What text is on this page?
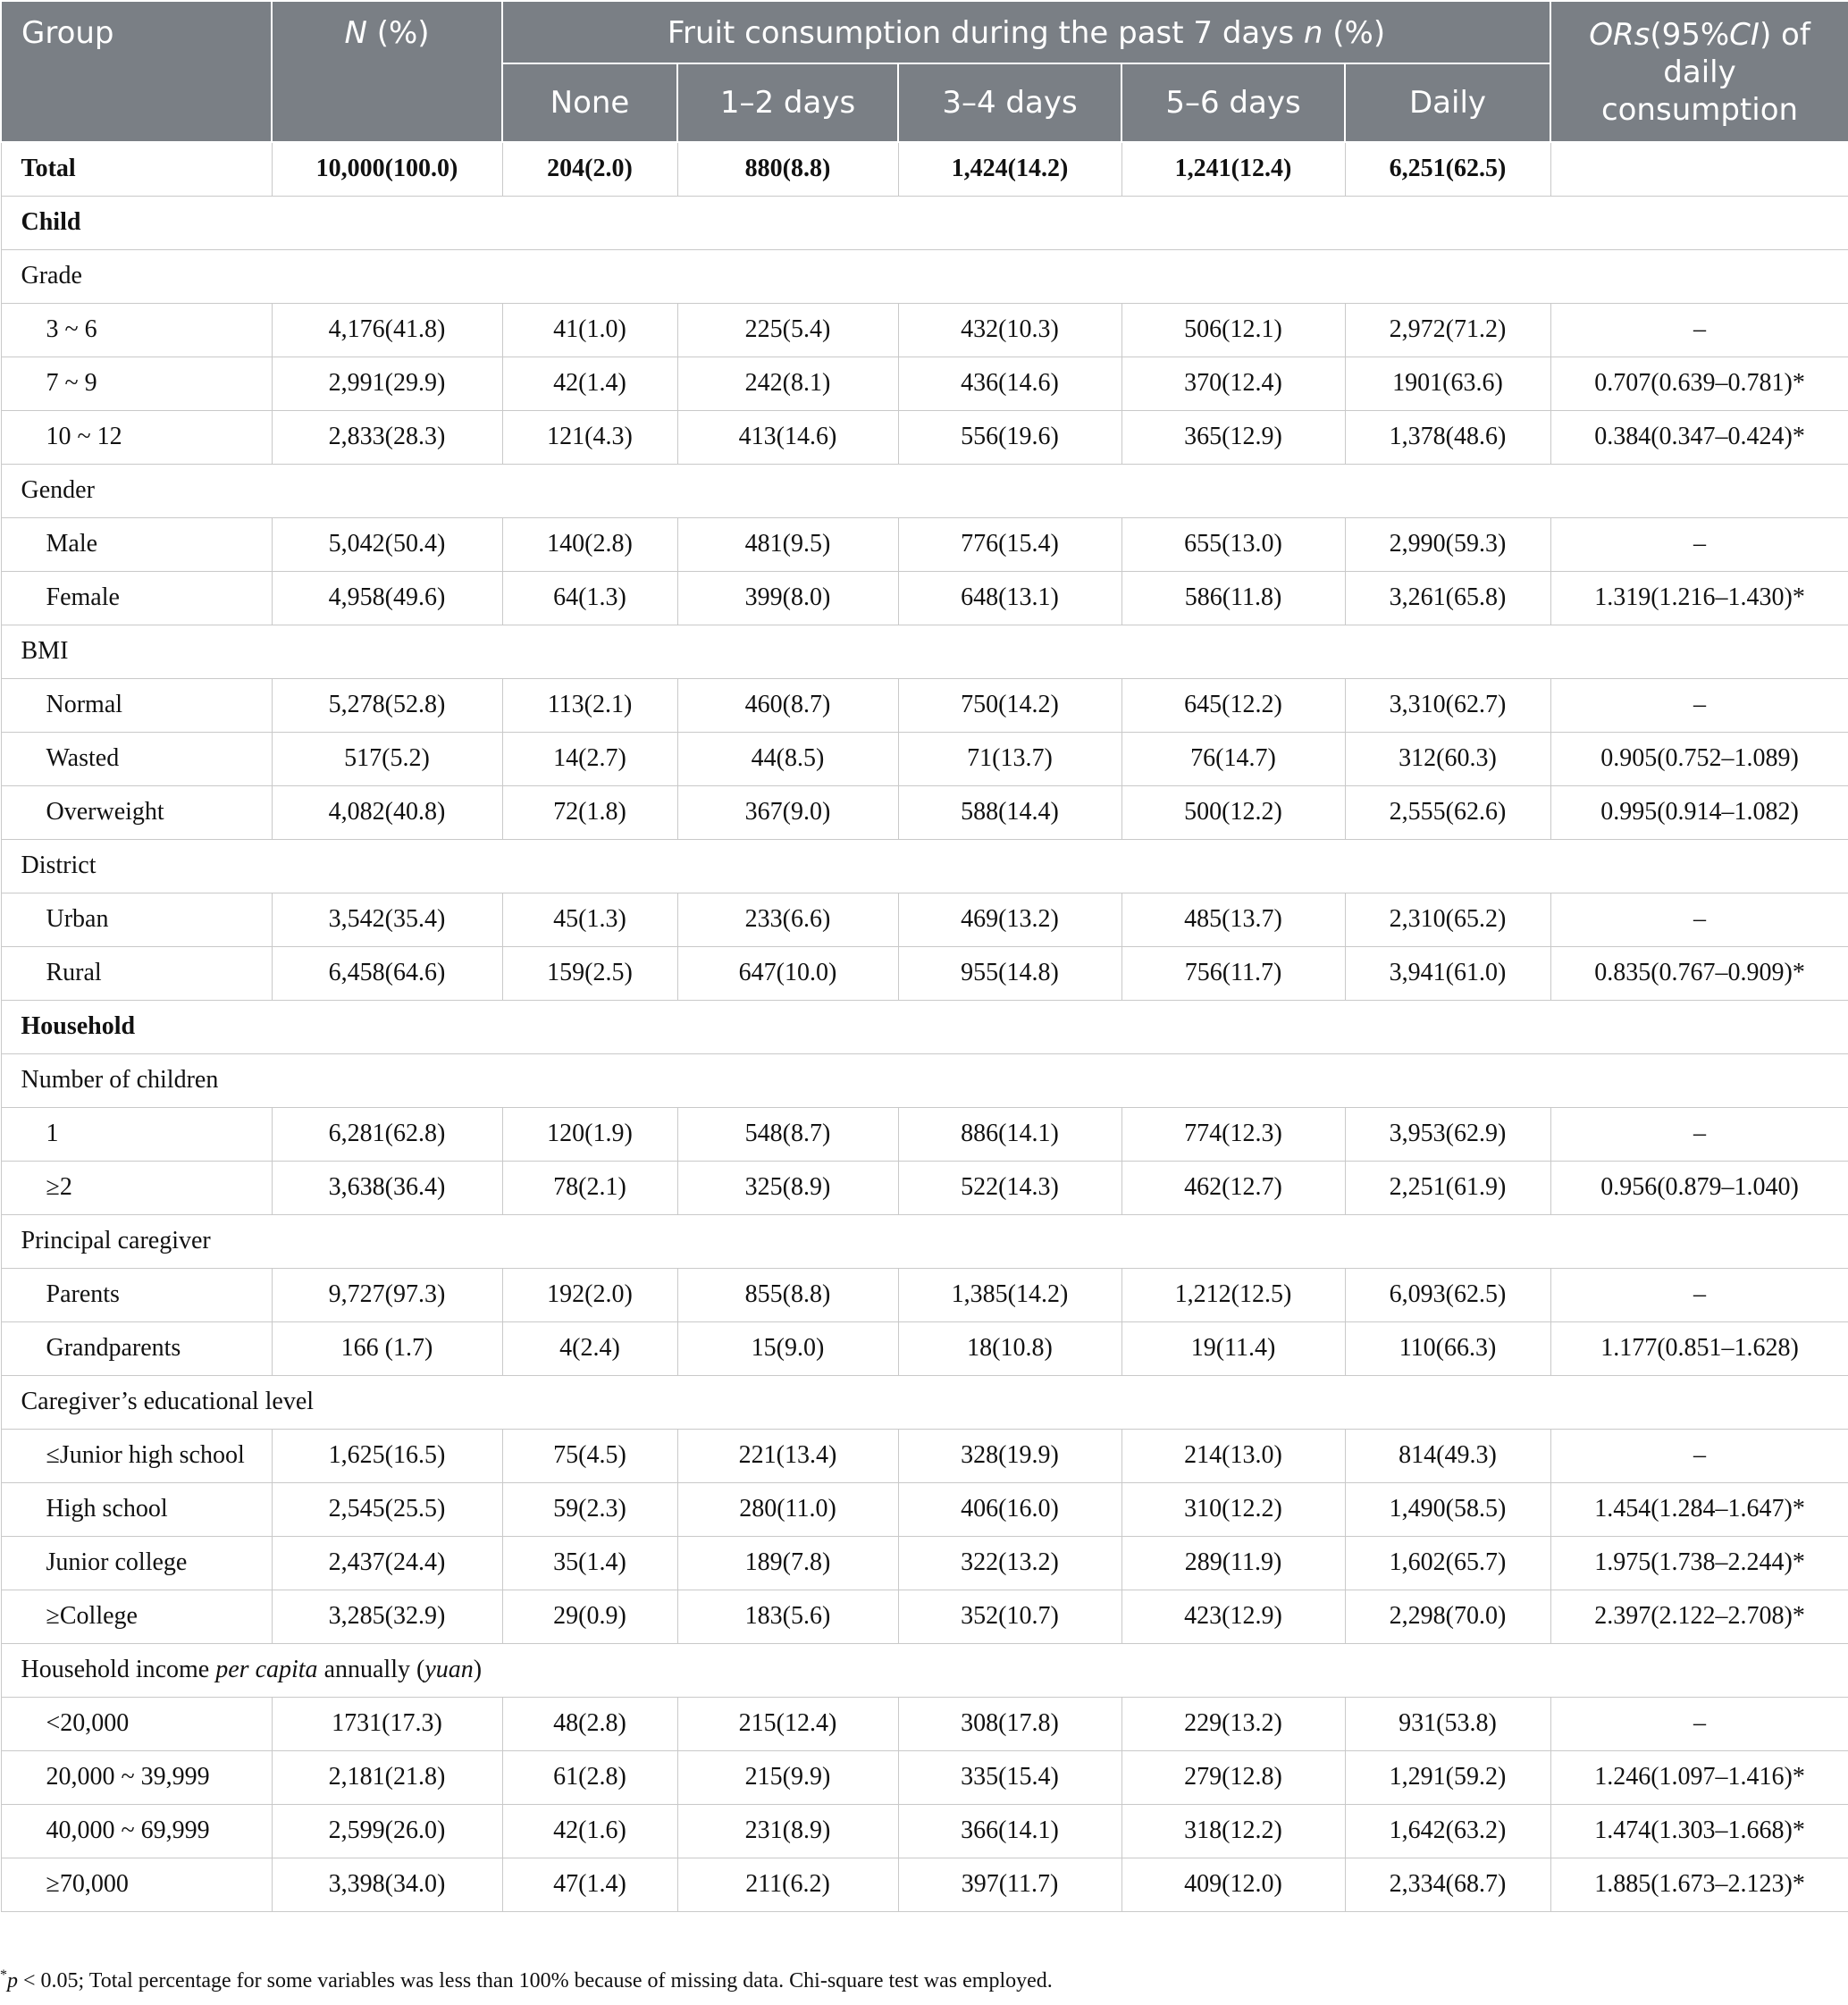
Group	N (%)	Fruit consumption during the past 7 days n (%)					ORs(95%CI) of daily consumption
		None	1–2 days	3–4 days	5–6 days	Daily	
Total	10,000(100.0)	204(2.0)	880(8.8)	1,424(14.2)	1,241(12.4)	6,251(62.5)	
Child							
Grade							
3 ~ 6	4,176(41.8)	41(1.0)	225(5.4)	432(10.3)	506(12.1)	2,972(71.2)	–
7 ~ 9	2,991(29.9)	42(1.4)	242(8.1)	436(14.6)	370(12.4)	1901(63.6)	0.707(0.639–0.781)*
10 ~ 12	2,833(28.3)	121(4.3)	413(14.6)	556(19.6)	365(12.9)	1,378(48.6)	0.384(0.347–0.424)*
Gender							
Male	5,042(50.4)	140(2.8)	481(9.5)	776(15.4)	655(13.0)	2,990(59.3)	–
Female	4,958(49.6)	64(1.3)	399(8.0)	648(13.1)	586(11.8)	3,261(65.8)	1.319(1.216–1.430)*
BMI							
Normal	5,278(52.8)	113(2.1)	460(8.7)	750(14.2)	645(12.2)	3,310(62.7)	–
Wasted	517(5.2)	14(2.7)	44(8.5)	71(13.7)	76(14.7)	312(60.3)	0.905(0.752–1.089)
Overweight	4,082(40.8)	72(1.8)	367(9.0)	588(14.4)	500(12.2)	2,555(62.6)	0.995(0.914–1.082)
District							
Urban	3,542(35.4)	45(1.3)	233(6.6)	469(13.2)	485(13.7)	2,310(65.2)	–
Rural	6,458(64.6)	159(2.5)	647(10.0)	955(14.8)	756(11.7)	3,941(61.0)	0.835(0.767–0.909)*
Household							
Number of children							
1	6,281(62.8)	120(1.9)	548(8.7)	886(14.1)	774(12.3)	3,953(62.9)	–
≥2	3,638(36.4)	78(2.1)	325(8.9)	522(14.3)	462(12.7)	2,251(61.9)	0.956(0.879–1.040)
Principal caregiver							
Parents	9,727(97.3)	192(2.0)	855(8.8)	1,385(14.2)	1,212(12.5)	6,093(62.5)	–
Grandparents	166 (1.7)	4(2.4)	15(9.0)	18(10.8)	19(11.4)	110(66.3)	1.177(0.851–1.628)
Caregiver’s educational level							
≤Junior high school	1,625(16.5)	75(4.5)	221(13.4)	328(19.9)	214(13.0)	814(49.3)	–
High school	2,545(25.5)	59(2.3)	280(11.0)	406(16.0)	310(12.2)	1,490(58.5)	1.454(1.284–1.647)*
Junior college	2,437(24.4)	35(1.4)	189(7.8)	322(13.2)	289(11.9)	1,602(65.7)	1.975(1.738–2.244)*
≥College	3,285(32.9)	29(0.9)	183(5.6)	352(10.7)	423(12.9)	2,298(70.0)	2.397(2.122–2.708)*
Household income per capita annually (yuan)							
<20,000	1731(17.3)	48(2.8)	215(12.4)	308(17.8)	229(13.2)	931(53.8)	–
20,000 ~ 39,999	2,181(21.8)	61(2.8)	215(9.9)	335(15.4)	279(12.8)	1,291(59.2)	1.246(1.097–1.416)*
40,000 ~ 69,999	2,599(26.0)	42(1.6)	231(8.9)	366(14.1)	318(12.2)	1,642(63.2)	1.474(1.303–1.668)*
≥70,000	3,398(34.0)	47(1.4)	211(6.2)	397(11.7)	409(12.0)	2,334(68.7)	1.885(1.673–2.123)*
*p < 0.05; Total percentage for some variables was less than 100% because of missing data. Chi-square test was employed.
